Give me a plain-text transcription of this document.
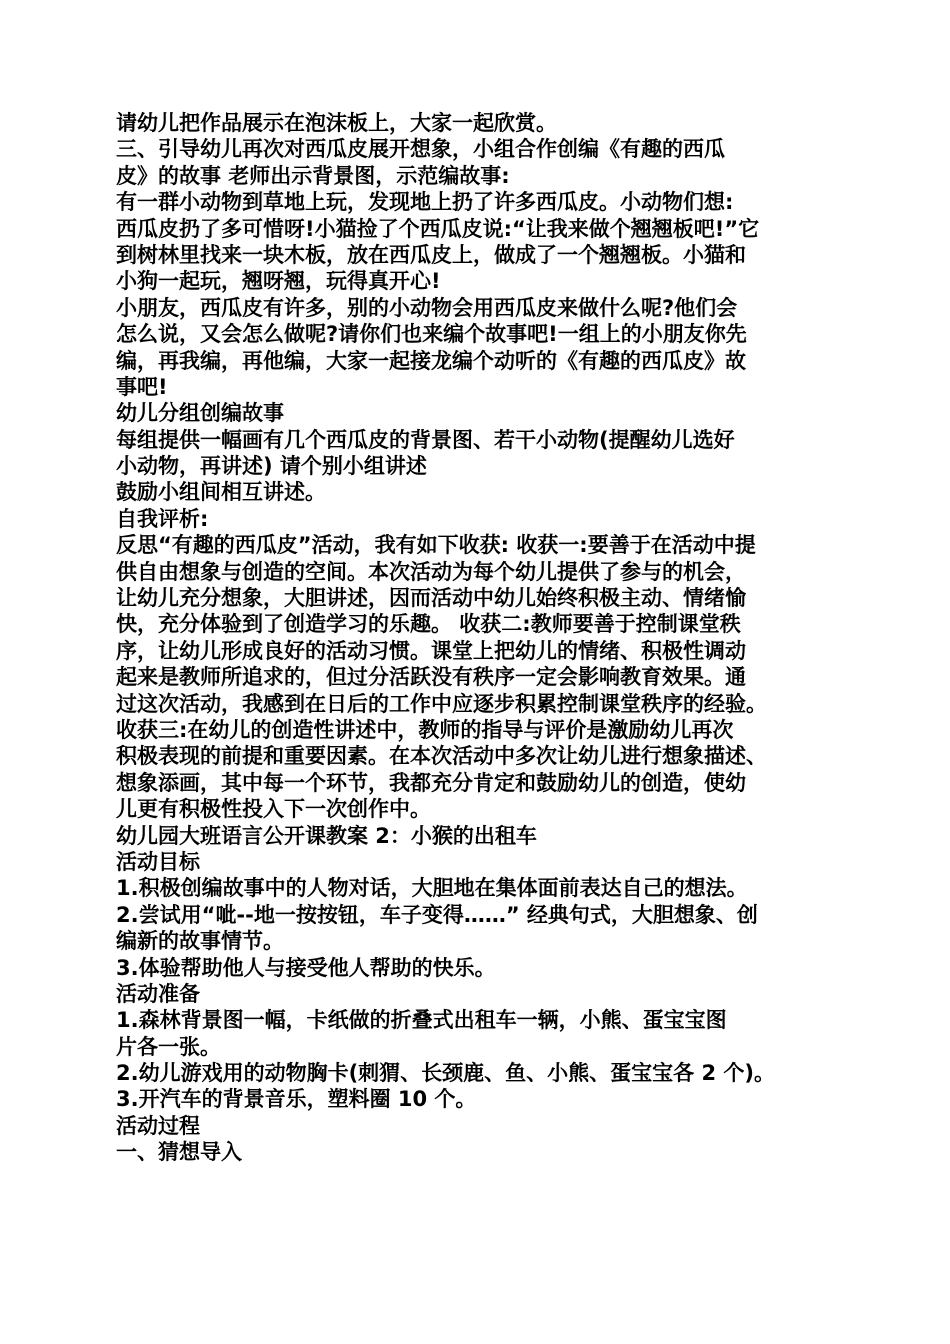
请幼儿把作品展示在泡沫板上，大家一起欣赏。
三、引导幼儿再次对西瓜皮展开想象，小组合作创编《有趣的西瓜
皮》的故事 老师出示背景图，示范编故事:
有一群小动物到草地上玩，发现地上扔了许多西瓜皮。小动物们想:
西瓜皮扔了多可惜呀!小猫捡了个西瓜皮说:“让我来做个翘翘板吧!”它
到树林里找来一块木板，放在西瓜皮上，做成了一个翘翘板。小猫和
小狗一起玩，翘呀翘，玩得真开心!
小朋友，西瓜皮有许多，别的小动物会用西瓜皮来做什么呢?他们会
怎么说，又会怎么做呢?请你们也来编个故事吧!一组上的小朋友你先
编，再我编，再他编，大家一起接龙编个动听的《有趣的西瓜皮》故
事吧!
幼儿分组创编故事
每组提供一幅画有几个西瓜皮的背景图、若干小动物(提醒幼儿选好
小动物，再讲述) 请个别小组讲述
鼓励小组间相互讲述。
自我评析:
反思“有趣的西瓜皮”活动，我有如下收获: 收获一:要善于在活动中提
供自由想象与创造的空间。本次活动为每个幼儿提供了参与的机会，
让幼儿充分想象，大胆讲述，因而活动中幼儿始终积极主动、情绪愉
快，充分体验到了创造学习的乐趣。 收获二:教师要善于控制课堂秩
序，让幼儿形成良好的活动习惯。课堂上把幼儿的情绪、积极性调动
起来是教师所追求的，但过分活跃没有秩序一定会影响教育效果。通
过这次活动，我感到在日后的工作中应逐步积累控制课堂秩序的经验。
收获三:在幼儿的创造性讲述中，教师的指导与评价是激励幼儿再次
积极表现的前提和重要因素。在本次活动中多次让幼儿进行想象描述、
想象添画，其中每一个环节，我都充分肯定和鼓励幼儿的创造，使幼
儿更有积极性投入下一次创作中。
幼儿园大班语言公开课教案 2：小猴的出租车
活动目标
1.积极创编故事中的人物对话，大胆地在集体面前表达自己的想法。
2.尝试用“呲--地一按按钮，车子变得……” 经典句式，大胆想象、创
编新的故事情节。
3.体验帮助他人与接受他人帮助的快乐。
活动准备
1.森林背景图一幅，卡纸做的折叠式出租车一辆，小熊、蛋宝宝图
片各一张。
2.幼儿游戏用的动物胸卡(刺猬、长颈鹿、鱼、小熊、蛋宝宝各 2 个)。
3.开汽车的背景音乐，塑料圈 10 个。
活动过程
一、猜想导入
